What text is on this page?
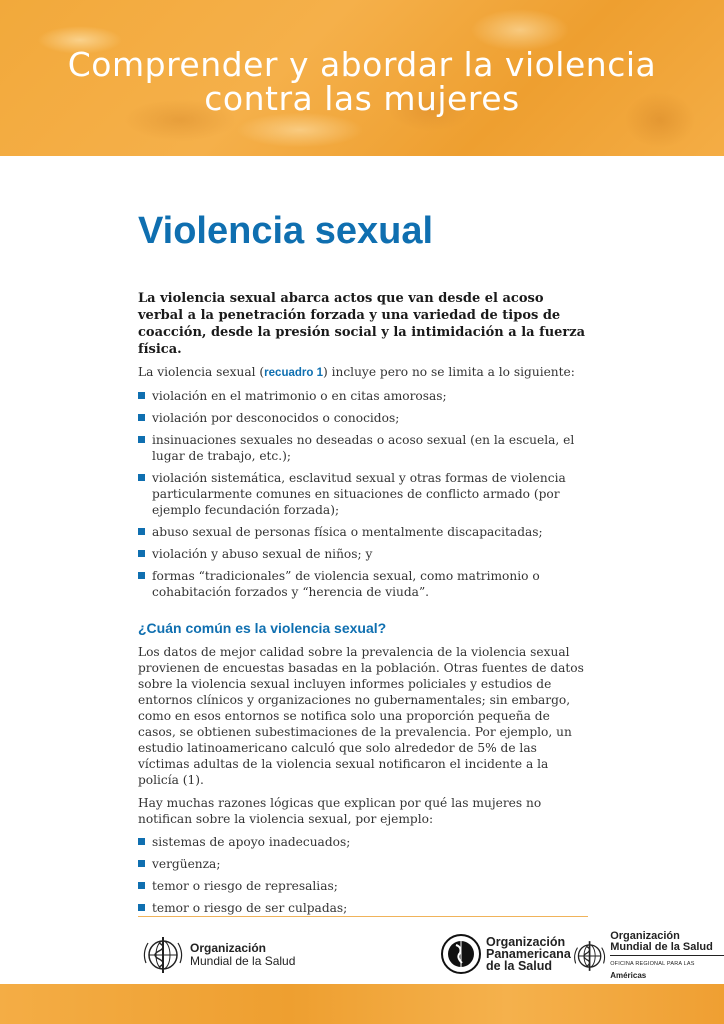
Comprender y abordar la violencia
contra las mujeres
Violencia sexual

La violencia sexual abarca actos que van desde el acoso verbal a la penetración forzada y una variedad de tipos de coacción, desde la presión social y la intimidación a la fuerza física.

La violencia sexual (recuadro 1) incluye pero no se limita a lo siguiente:

violación en el matrimonio o en citas amorosas;
violación por desconocidos o conocidos;
insinuaciones sexuales no deseadas o acoso sexual (en la escuela, el lugar de trabajo, etc.);
violación sistemática, esclavitud sexual y otras formas de violencia particularmente comunes en situaciones de conflicto armado (por ejemplo fecundación forzada);
abuso sexual de personas física o mentalmente discapacitadas;
violación y abuso sexual de niños; y
formas “tradicionales” de violencia sexual, como matrimonio o cohabitación forzados y “herencia de viuda”.
¿Cuán común es la violencia sexual?

Los datos de mejor calidad sobre la prevalencia de la violencia sexual provienen de encuestas basadas en la población. Otras fuentes de datos sobre la violencia sexual incluyen informes policiales y estudios de entornos clínicos y organizaciones no gubernamentales; sin embargo, como en esos entornos se notifica solo una proporción pequeña de casos, se obtienen subestimaciones de la prevalencia. Por ejemplo, un estudio latinoamericano calculó que solo alrededor de 5% de las víctimas adultas de la violencia sexual notificaron el incidente a la policía (1).

Hay muchas razones lógicas que explican por qué las mujeres no notifican sobre la violencia sexual, por ejemplo:

sistemas de apoyo inadecuados;
vergüenza;
temor o riesgo de represalias;
temor o riesgo de ser culpadas;
Organización
Mundial de la Salud
Organización
Panamericana
de la Salud
Organización
Mundial de la Salud
OFICINA REGIONAL PARA LAS Américas
